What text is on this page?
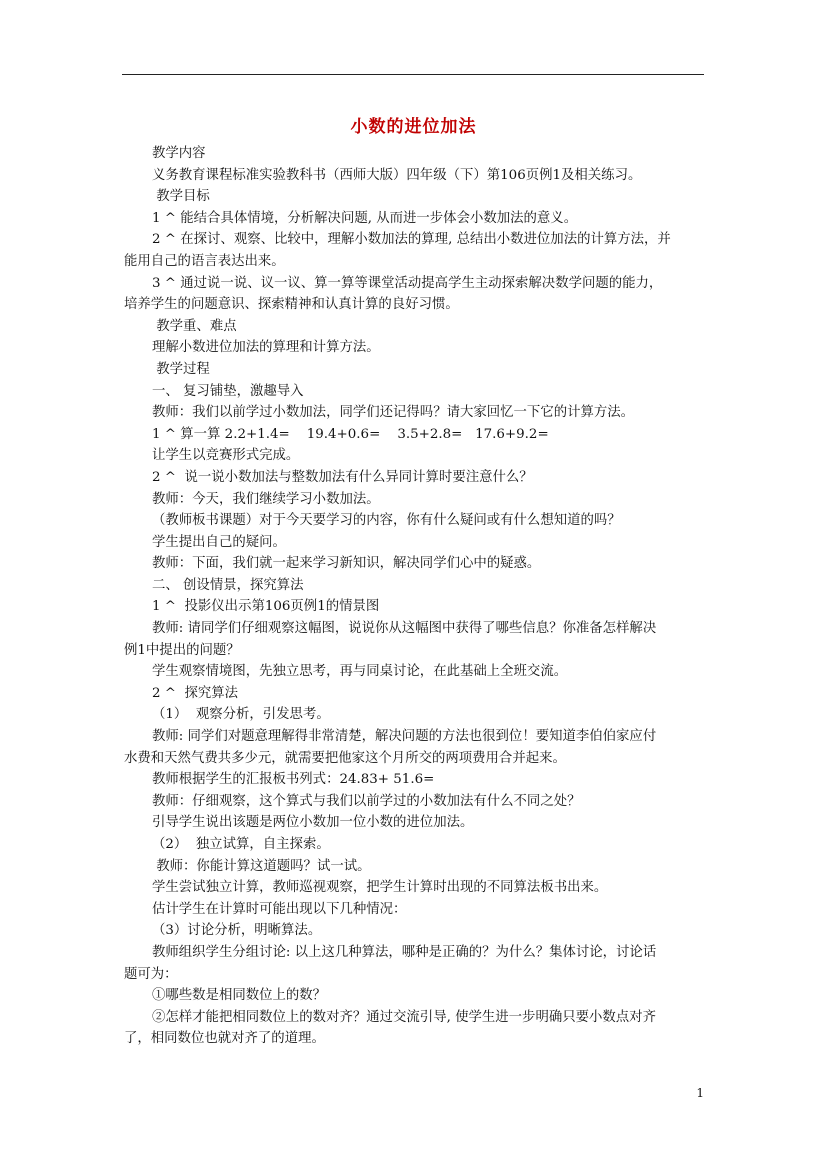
小数的进位加法

教学内容

义务教育课程标准实验教科书（西师大版）四年级（下）第106页例1及相关练习。

教学目标

1 ^ 能结合具体情境，分析解决问题, 从而进一步体会小数加法的意义。

2 ^ 在探讨、观察、比较中，理解小数加法的算理, 总结出小数进位加法的计算方法，并

能用自己的语言表达出来。

3 ^ 通过说一说、议一议、算一算等课堂活动提高学生主动探索解决数学问题的能力，

培养学生的问题意识、探索精神和认真计算的良好习惯。

教学重、难点

理解小数进位加法的算理和计算方法。

教学过程

一、 复习铺垫，激趣导入

教师：我们以前学过小数加法，同学们还记得吗？请大家回忆一下它的计算方法。

1 ^ 算一算 2.2+1.4=    19.4+0.6=    3.5+2.8=   17.6+9.2=

让学生以竞赛形式完成。

2 ^  说一说小数加法与整数加法有什么异同计算时要注意什么？

教师：今天，我们继续学习小数加法。

（教师板书课题）对于今天要学习的内容，你有什么疑问或有什么想知道的吗？

学生提出自己的疑问。

教师：下面，我们就一起来学习新知识，解决同学们心中的疑惑。

二、 创设情景，探究算法

1 ^  投影仪出示第106页例1的情景图

教师: 请同学们仔细观察这幅图，说说你从这幅图中获得了哪些信息？你准备怎样解决

例1中提出的问题？

学生观察情境图，先独立思考，再与同桌讨论，在此基础上全班交流。

2 ^  探究算法

（1）  观察分析，引发思考。

教师: 同学们对题意理解得非常清楚，解决问题的方法也很到位！要知道李伯伯家应付

水费和天然气费共多少元，就需要把他家这个月所交的两项费用合并起来。

教师根据学生的汇报板书列式：24.83+ 51.6=

教师：仔细观察，这个算式与我们以前学过的小数加法有什么不同之处？

引导学生说出该题是两位小数加一位小数的进位加法。

（2）  独立试算，自主探索。

教师：你能计算这道题吗？试一试。

学生尝试独立计算，教师巡视观察，把学生计算时出现的不同算法板书出来。

估计学生在计算时可能出现以下几种情况：

（3）讨论分析，明晰算法。

教师组织学生分组讨论: 以上这几种算法，哪种是正确的？为什么？集体讨论，讨论话

题可为：

①哪些数是相同数位上的数？

②怎样才能把相同数位上的数对齐？通过交流引导, 使学生进一步明确只要小数点对齐

了，相同数位也就对齐了的道理。

1
